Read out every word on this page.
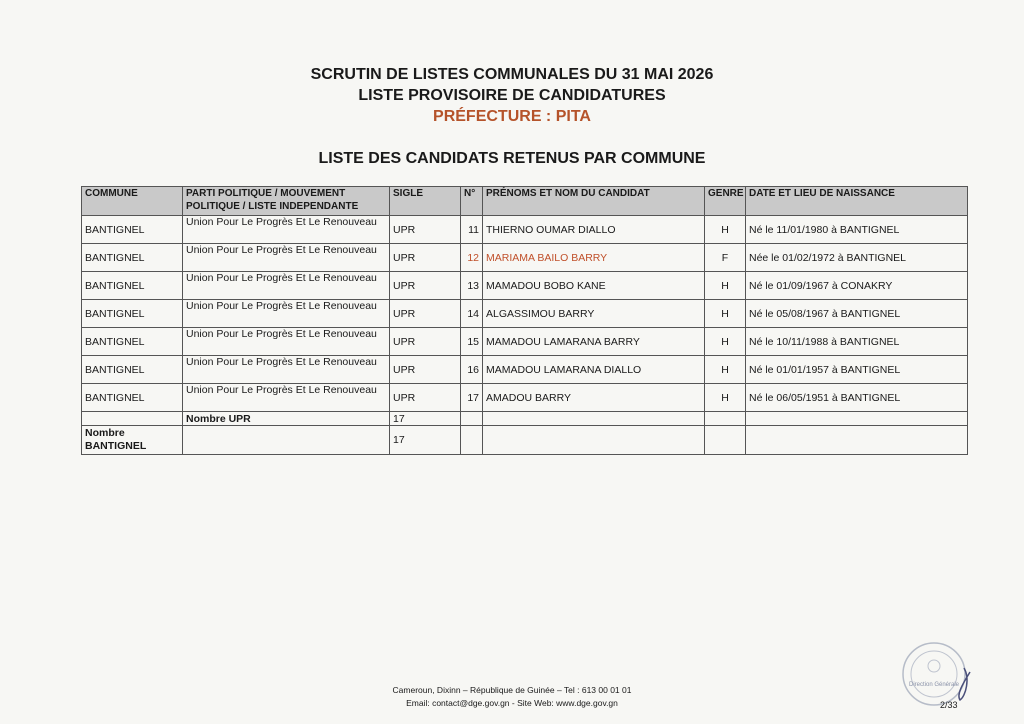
SCRUTIN DE LISTES COMMUNALES DU 31 MAI 2026
LISTE PROVISOIRE DE CANDIDATURES
PRÉFECTURE : PITA
LISTE DES CANDIDATS RETENUS PAR COMMUNE
COMMUNE	PARTI POLITIQUE / MOUVEMENT POLITIQUE / LISTE INDEPENDANTE	SIGLE	N°	PRÉNOMS ET NOM DU CANDIDAT	GENRE	DATE ET LIEU DE NAISSANCE
BANTIGNEL	Union Pour Le Progrès Et Le Renouveau	UPR	11	THIERNO OUMAR DIALLO	H	Né le 11/01/1980 à BANTIGNEL
BANTIGNEL	Union Pour Le Progrès Et Le Renouveau	UPR	12	MARIAMA BAILO BARRY	F	Née le 01/02/1972 à BANTIGNEL
BANTIGNEL	Union Pour Le Progrès Et Le Renouveau	UPR	13	MAMADOU BOBO KANE	H	Né le 01/09/1967 à CONAKRY
BANTIGNEL	Union Pour Le Progrès Et Le Renouveau	UPR	14	ALGASSIMOU BARRY	H	Né le 05/08/1967 à BANTIGNEL
BANTIGNEL	Union Pour Le Progrès Et Le Renouveau	UPR	15	MAMADOU LAMARANA BARRY	H	Né le 10/11/1988 à BANTIGNEL
BANTIGNEL	Union Pour Le Progrès Et Le Renouveau	UPR	16	MAMADOU LAMARANA DIALLO	H	Né le 01/01/1957 à BANTIGNEL
BANTIGNEL	Union Pour Le Progrès Et Le Renouveau	UPR	17	AMADOU BARRY	H	Né le 06/05/1951 à BANTIGNEL
	Nombre UPR	17				
Nombre BANTIGNEL		17				
Cameroun, Dixinn – République de Guinée – Tel : 613 00 01 01
Email: contact@dge.gov.gn - Site Web: www.dge.gov.gn
Direction Générale
2/33
